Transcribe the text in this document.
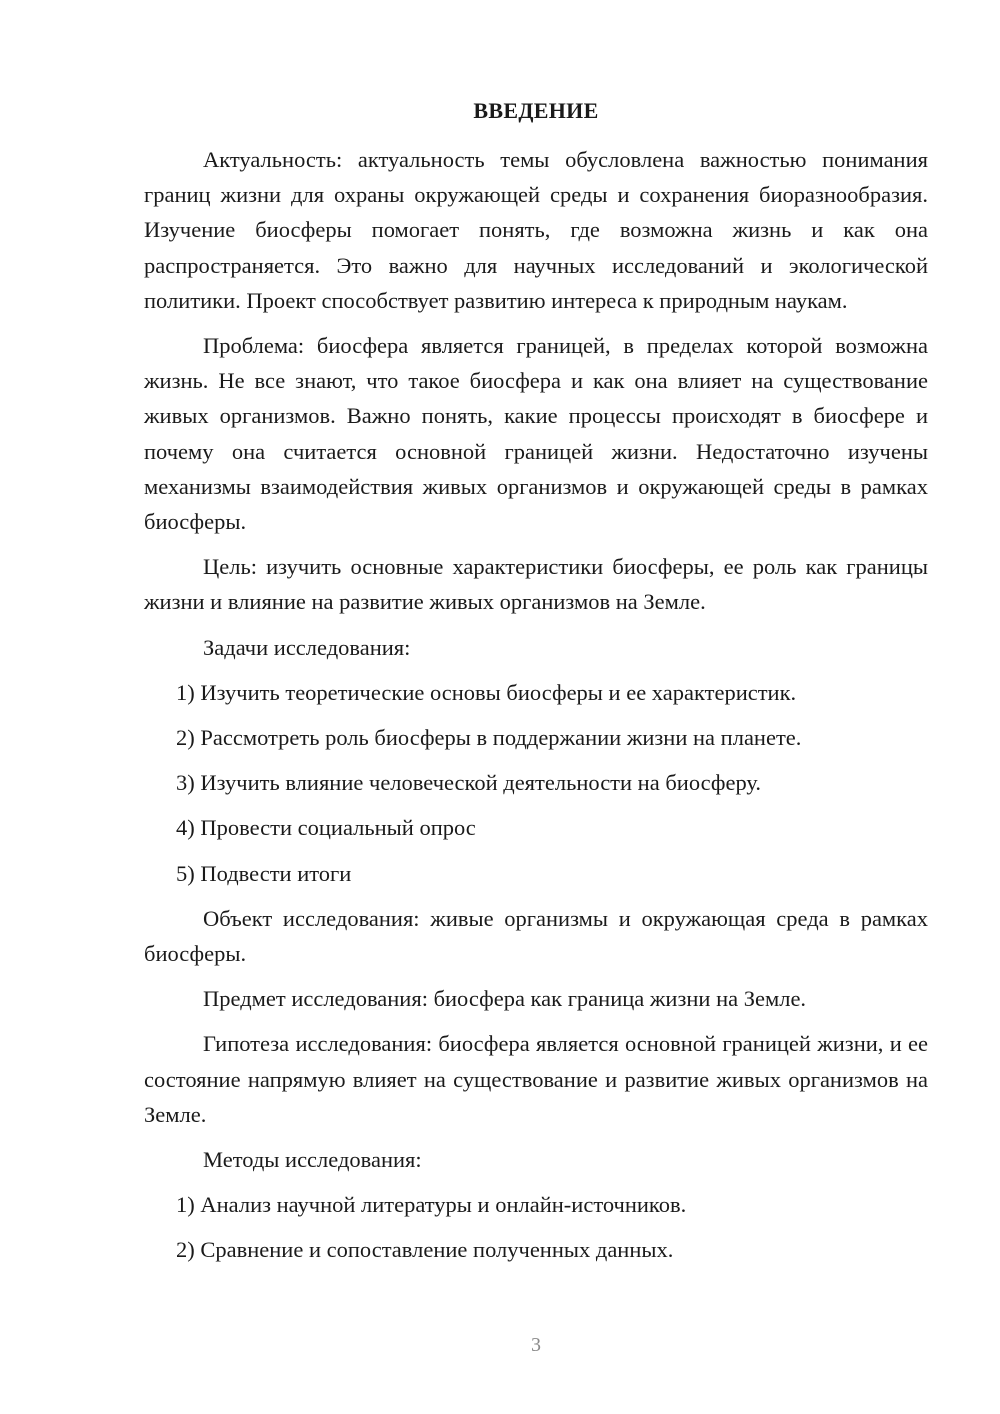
ВВЕДЕНИЕ

Актуальность: актуальность темы обусловлена важностью понимания границ жизни для охраны окружающей среды и сохранения биоразнообразия. Изучение биосферы помогает понять, где возможна жизнь и как она распространяется. Это важно для научных исследований и экологической политики. Проект способствует развитию интереса к природным наукам.

Проблема: биосфера является границей, в пределах которой возможна жизнь. Не все знают, что такое биосфера и как она влияет на существование живых организмов. Важно понять, какие процессы происходят в биосфере и почему она считается основной границей жизни. Недостаточно изучены механизмы взаимодействия живых организмов и окружающей среды в рамках биосферы.

Цель: изучить основные характеристики биосферы, ее роль как границы жизни и влияние на развитие живых организмов на Земле.

Задачи исследования:

1) Изучить теоретические основы биосферы и ее характеристик.
2) Рассмотреть роль биосферы в поддержании жизни на планете.
3) Изучить влияние человеческой деятельности на биосферу.
4) Провести социальный опрос
5) Подвести итоги

Объект исследования: живые организмы и окружающая среда в рамках биосферы.

Предмет исследования: биосфера как граница жизни на Земле.

Гипотеза исследования: биосфера является основной границей жизни, и ее состояние напрямую влияет на существование и развитие живых организмов на Земле.

Методы исследования:

1) Анализ научной литературы и онлайн-источников.
2) Сравнение и сопоставление полученных данных.
3
